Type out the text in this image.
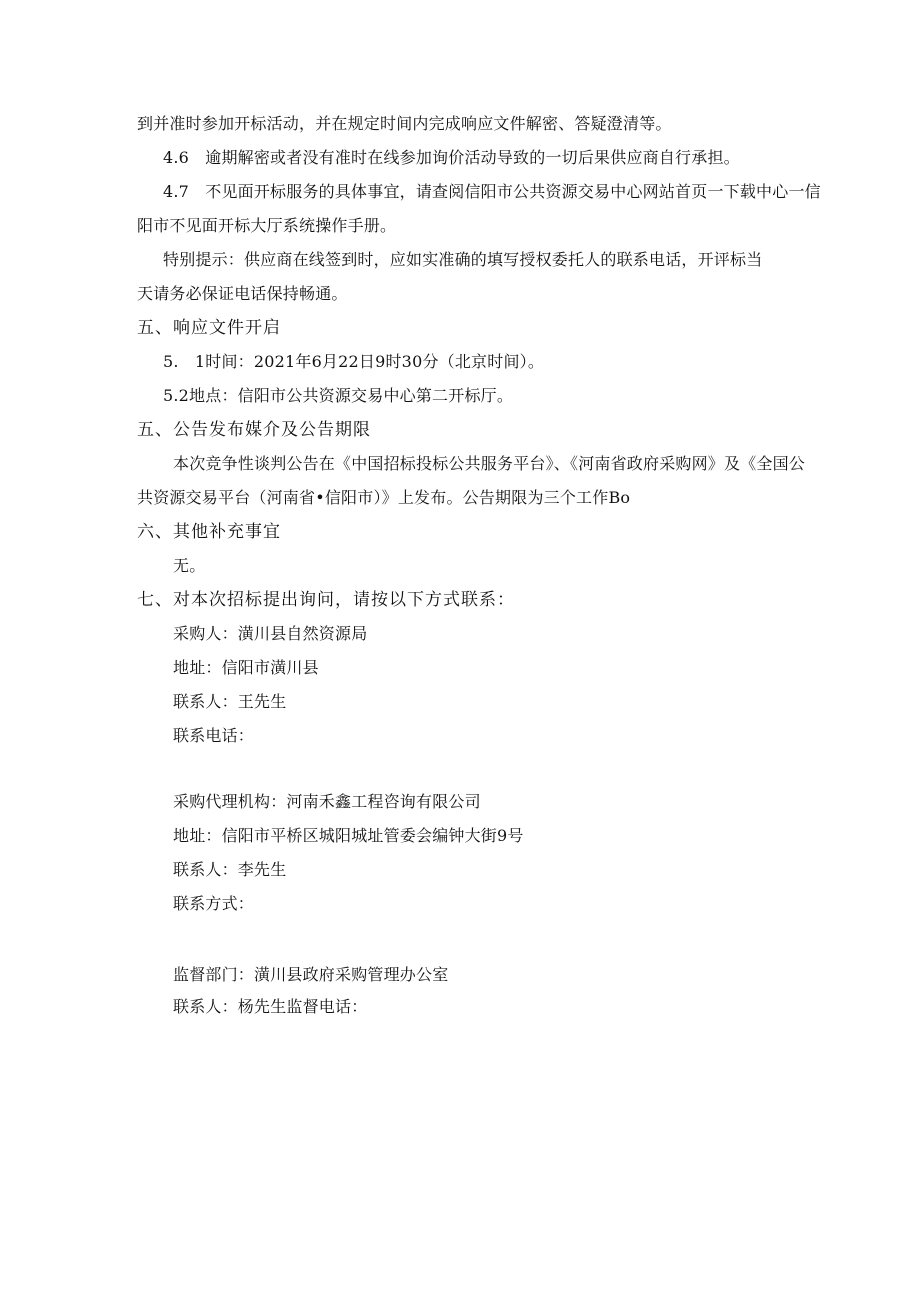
到并准时参加开标活动，并在规定时间内完成响应文件解密、答疑澄清等。
4.6　逾期解密或者没有准时在线参加询价活动导致的一切后果供应商自行承担。
4.7　不见面开标服务的具体事宜，请查阅信阳市公共资源交易中心网站首页一下载中心一信
阳市不见面开标大厅系统操作手册。
特别提示：供应商在线签到时，应如实准确的填写授权委托人的联系电话，开评标当
天请务必保证电话保持畅通。
五、响应文件开启
5.　1时间：2021年6月22日9时30分（北京时间）。
5.2地点：信阳市公共资源交易中心第二开标厅。
五、公告发布媒介及公告期限
本次竞争性谈判公告在《中国招标投标公共服务平台》、《河南省政府采购网》及《全国公
共资源交易平台（河南省•信阳市）》上发布。公告期限为三个工作Bo
六、其他补充事宜
无。
七、对本次招标提出询问，请按以下方式联系：
采购人：潢川县自然资源局
地址：信阳市潢川县
联系人：王先生
联系电话：
采购代理机构：河南禾鑫工程咨询有限公司
地址：信阳市平桥区城阳城址管委会编钟大街9号
联系人：李先生
联系方式：
监督部门：潢川县政府采购管理办公室
联系人：杨先生监督电话：
